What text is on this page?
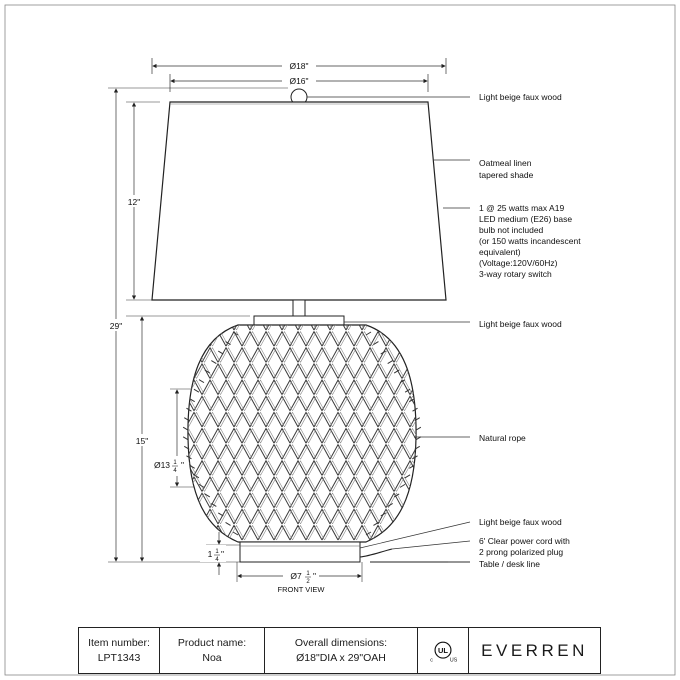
Ø18"
Ø16"
29"
12"
15"
Ø13 1
4
"
1 1
4
"
Ø7 1
2
"
FRONT VIEW
Light beige faux wood
Oatmeal linen
tapered shade
1 @ 25 watts max A19
LED medium (E26) base
bulb not included
(or 150 watts incandescent
equivalent)
(Voltage:120V/60Hz)
3-way rotary switch
Light beige faux wood
Natural rope
Light beige faux wood
6' Clear power cord with
2 prong polarized plug
Table / desk line
Item number:
LPT1343
Product name:
Noa
Overall dimensions:
Ø18"DIA x 29"OAH
UL
c	US
EVERREN
